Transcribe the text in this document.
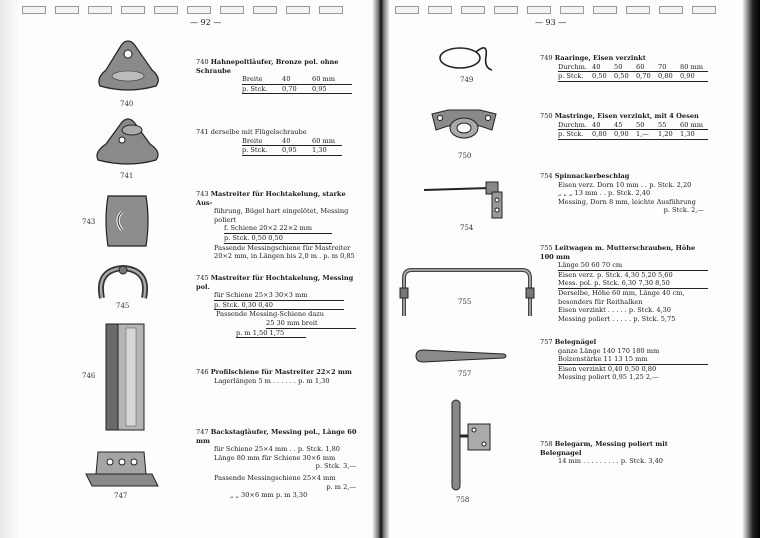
— 92 —	— 93 —
740
741
743
745
746
747
740 Hahnepoltläufer, Bronze pol. ohne Schraube
Breite	40	60 mm
p. Stck.	0,70	0,95
741 derselbe mit Flügelschraube
Breite	40	60 mm
p. Stck.	0,95	1,30
743 Mastreiter für Hochtakelung, starke Aus-
führung, Bügel hart eingelötet, Messing
poliert
f. Schiene 20×2 22×2 mm
p. Stck. 0,50 0,50
Passende Messingschiene für Mastreiter
20×2 mm, in Längen bis 2,0 m . p. m 0,85
745 Mastreiter für Hochtakelung, Messing pol.
für Schiene 25×3 30×3 mm
p. Stck. 0,30 0,40
Passende Messing-Schiene dazu
25 30 mm breit
p. m 1,50 1,75
746 Profilschiene für Mastreiter 22×2 mm
Lagerlängen 5 m . . . . . . p. m 1,30
747 Backstagläufer, Messing pol., Länge 60 mm
für Schiene 25×4 mm . . p. Stck. 1,80
Länge 80 mm für Schiene 30×6 mm
p. Stck. 3,—
Passende Messingschiene 25×4 mm
p. m 2,—
„ „ 30×6 mm p. m 3,30
749
750
754
755
757
758
749 Raaringe, Eisen verzinkt
Durchm. 40	50	60	70	80 mm
p. Stck.	0,50	0,50	0,70	0,80	0,90
750 Mastringe, Eisen verzinkt, mit 4 Oesen
Durchm. 40	45	50	55	60 mm
p. Stck.	0,80	0,90	1,—	1,20	1,30
754 Spinnackerbeschlag
Eisen verz. Dorn 10 mm . . p. Stck. 2,20
„ „ „ 13 mm . . p. Stck. 2,40
Messing, Dorn 8 mm, leichte Ausführung
p. Stck. 2,—
755 Leitwagen m. Mutterschrauben, Höhe 100 mm
Länge 50 60 70 cm
Eisen verz. p. Stck. 4,30 5,20 5,60
Mess. pol. p. Stck. 6,30 7,30 8,50
Derselbe, Höhe 60 mm, Länge 40 cm,
besonders für Reithalken
Eisen verzinkt . . . . . p. Stck. 4,30
Messing poliert . . . . . p. Stck. 5,75
757 Belegnägel
ganze Länge 140 170 180 mm
Bolzenstärke 11 13 15 mm
Eisen verzinkt 0,40 0,50 0,80
Messing poliert 0,95 1,25 2,—
758 Belegarm, Messing poliert mit Belegnagel
14 mm . . . . . . . . . p. Stck. 3,40
